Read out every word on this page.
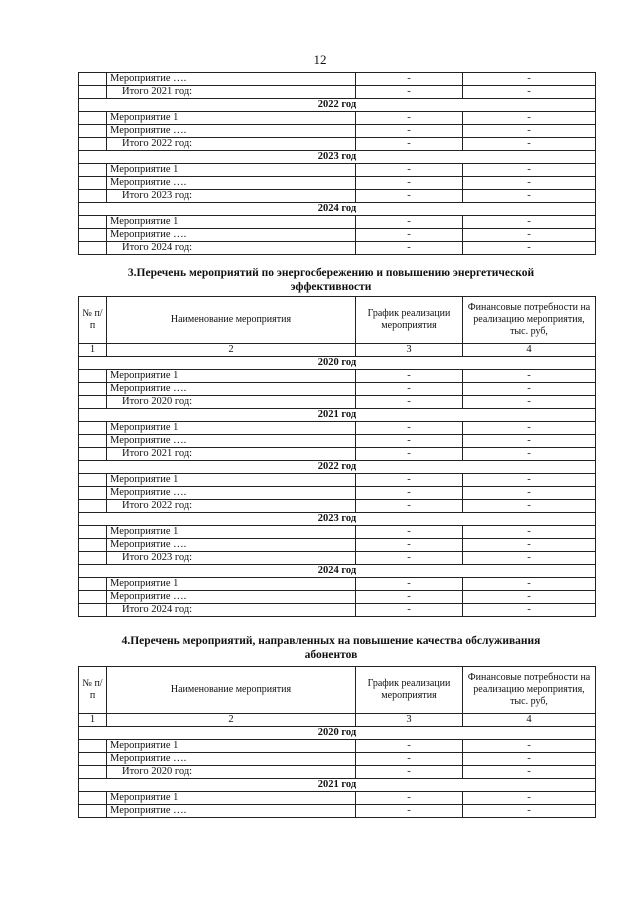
12
	Мероприятие ….	-	-
	Итого 2021 год:	-	-
2022 год			
	Мероприятие 1	-	-
	Мероприятие ….	-	-
	Итого 2022 год:	-	-
2023 год			
	Мероприятие 1	-	-
	Мероприятие ….	-	-
	Итого 2023 год:	-	-
2024 год			
	Мероприятие 1	-	-
	Мероприятие ….	-	-
	Итого 2024 год:	-	-
3.Перечень мероприятий по энергосбережению и повышению энергетической эффективности
№ п/п	Наименование мероприятия	График реализации мероприятия	Финансовые потребности на реализацию мероприятия, тыс. руб,
1	2	3	4
2020 год			
	Мероприятие 1	-	-
	Мероприятие ….	-	-
	Итого 2020 год:	-	-
2021 год			
	Мероприятие 1	-	-
	Мероприятие ….	-	-
	Итого 2021 год:	-	-
2022 год			
	Мероприятие 1	-	-
	Мероприятие ….	-	-
	Итого 2022 год:	-	-
2023 год			
	Мероприятие 1	-	-
	Мероприятие ….	-	-
	Итого 2023 год:	-	-
2024 год			
	Мероприятие 1	-	-
	Мероприятие ….	-	-
	Итого 2024 год:	-	-
4.Перечень мероприятий, направленных на повышение качества обслуживания абонентов
№ п/п	Наименование мероприятия	График реализации мероприятия	Финансовые потребности на реализацию мероприятия, тыс. руб,
1	2	3	4
2020 год			
	Мероприятие 1	-	-
	Мероприятие ….	-	-
	Итого 2020 год:	-	-
2021 год			
	Мероприятие 1	-	-
	Мероприятие ….	-	-
